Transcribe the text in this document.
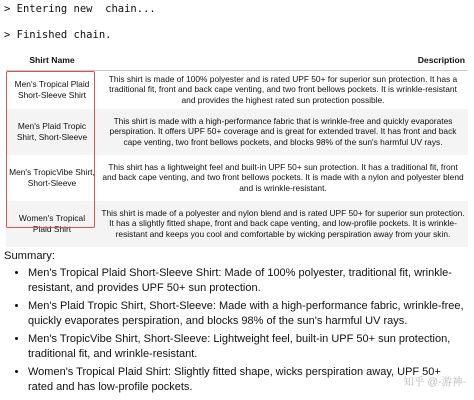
> Entering new  chain...
> Finished chain.
Shirt Name	Description
Men's Tropical Plaid Short-Sleeve Shirt	This shirt is made of 100% polyester and is rated UPF 50+ for superior sun protection. It has a traditional fit, front and back cape venting, and two front bellows pockets. It is wrinkle-resistant and provides the highest rated sun protection possible.
Men's Plaid Tropic Shirt, Short-Sleeve	This shirt is made with a high-performance fabric that is wrinkle-free and quickly evaporates perspiration. It offers UPF 50+ coverage and is great for extended travel. It has front and back cape venting, two front bellows pockets, and blocks 98% of the sun's harmful UV rays.
Men's TropicVibe Shirt, Short-Sleeve	This shirt has a lightweight feel and built-in UPF 50+ sun protection. It has a traditional fit, front and back cape venting, and two front bellows pockets. It is made with a nylon and polyester blend and is wrinkle-resistant.
Women's Tropical Plaid Shirt	This shirt is made of a polyester and nylon blend and is rated UPF 50+ for superior sun protection. It has a slightly fitted shape, front and back cape venting, and low-profile pockets. It is wrinkle-resistant and keeps you cool and comfortable by wicking perspiration away from your skin.
Summary:
• Men's Tropical Plaid Short-Sleeve Shirt: Made of 100% polyester, traditional fit, wrinkle-resistant, and provides UPF 50+ sun protection.
• Men's Plaid Tropic Shirt, Short-Sleeve: Made with a high-performance fabric, wrinkle-free, quickly evaporates perspiration, and blocks 98% of the sun's harmful UV rays.
• Men's TropicVibe Shirt, Short-Sleeve: Lightweight feel, built-in UPF 50+ sun protection, traditional fit, and wrinkle-resistant.
• Women's Tropical Plaid Shirt: Slightly fitted shape, wicks perspiration away, UPF 50+ rated and has low-profile pockets.	知乎 @-游神-
